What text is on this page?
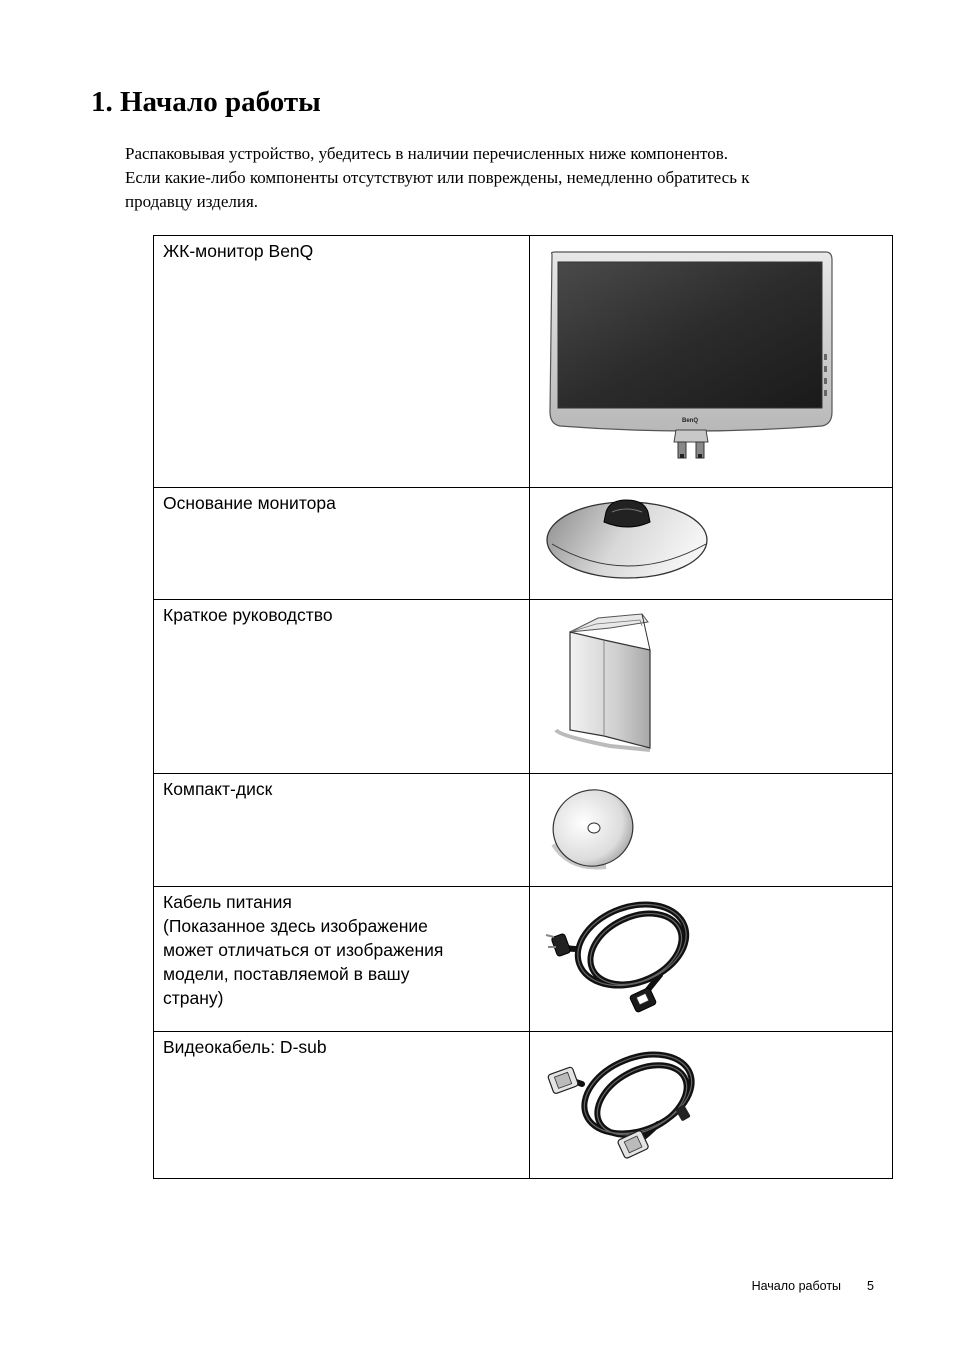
1. Начало работы
Распаковывая устройство, убедитесь в наличии перечисленных ниже компонентов.
Если какие-либо компоненты отсутствуют или повреждены, немедленно обратитесь к
продавцу изделия.
ЖК-монитор BenQ	BenQ

Основание монитора	

Краткое руководство	

Компакт-диск	

Кабель питания
(Показанное здесь изображение
может отличаться от изображения
модели, поставляемой в вашу
страну)

Видеокабель: D-sub	
Начало работы 5
